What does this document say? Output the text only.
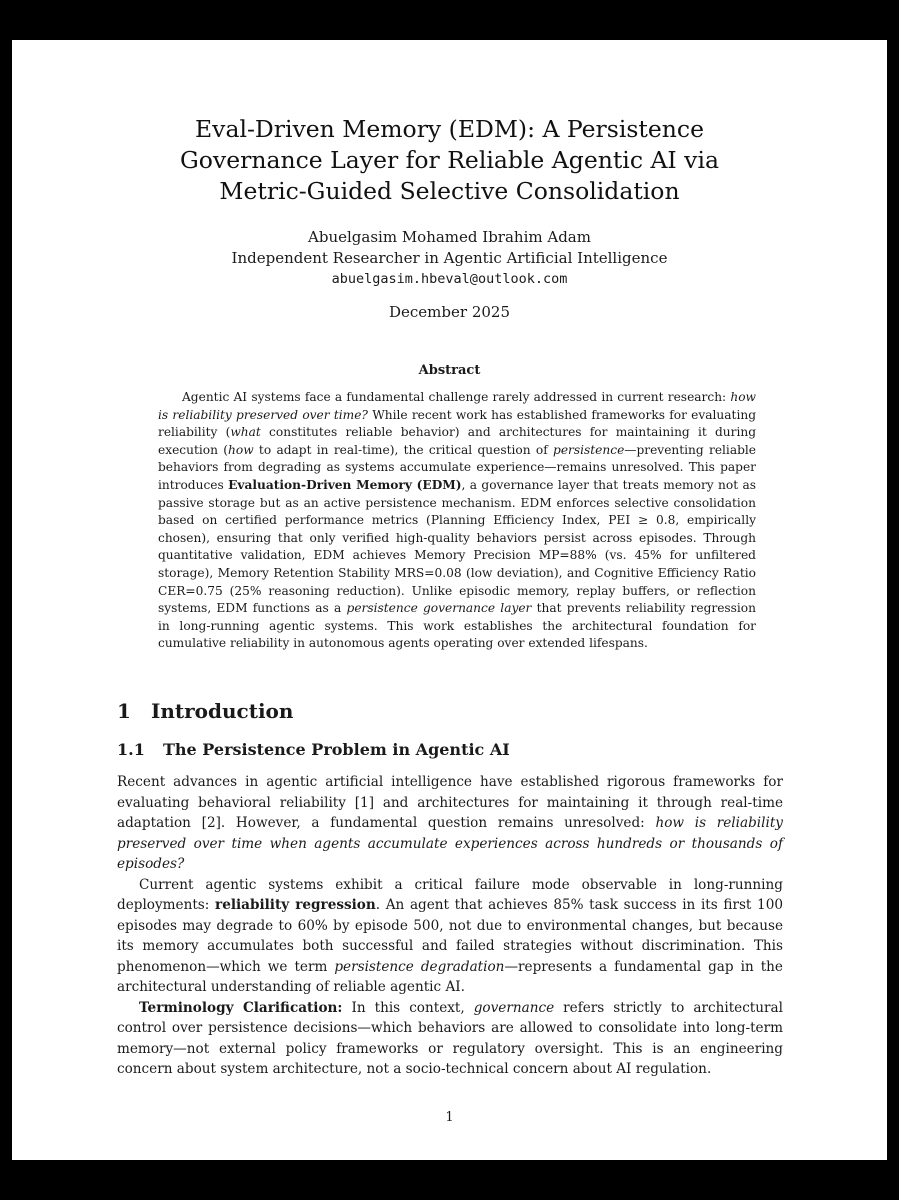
Eval-Driven Memory (EDM): A Persistence
Governance Layer for Reliable Agentic AI via
Metric-Guided Selective Consolidation
Abuelgasim Mohamed Ibrahim Adam
Independent Researcher in Agentic Artificial Intelligence
abuelgasim.hbeval@outlook.com
December 2025
Abstract

Agentic AI systems face a fundamental challenge rarely addressed in current research: how is reliability preserved over time? While recent work has established frameworks for evaluating reliability (what constitutes reliable behavior) and architectures for maintaining it during execution (how to adapt in real-time), the critical question of persistence—preventing reliable behaviors from degrading as systems accumulate experience—remains unresolved. This paper introduces Evaluation-Driven Memory (EDM), a governance layer that treats memory not as passive storage but as an active persistence mechanism. EDM enforces selective consolidation based on certified performance metrics (Planning Efficiency Index, PEI ≥ 0.8, empirically chosen), ensuring that only verified high-quality behaviors persist across episodes. Through quantitative validation, EDM achieves Memory Precision MP=88% (vs. 45% for unfiltered storage), Memory Retention Stability MRS=0.08 (low deviation), and Cognitive Efficiency Ratio CER=0.75 (25% reasoning reduction). Unlike episodic memory, replay buffers, or reflection systems, EDM functions as a persistence governance layer that prevents reliability regression in long-running agentic systems. This work establishes the architectural foundation for cumulative reliability in autonomous agents operating over extended lifespans.

1 Introduction
1.1 The Persistence Problem in Agentic AI

Recent advances in agentic artificial intelligence have established rigorous frameworks for evaluating behavioral reliability [1] and architectures for maintaining it through real-time adaptation [2]. However, a fundamental question remains unresolved: how is reliability preserved over time when agents accumulate experiences across hundreds or thousands of episodes?

Current agentic systems exhibit a critical failure mode observable in long-running deployments: reliability regression. An agent that achieves 85% task success in its first 100 episodes may degrade to 60% by episode 500, not due to environmental changes, but because its memory accumulates both successful and failed strategies without discrimination. This phenomenon—which we term persistence degradation—represents a fundamental gap in the architectural understanding of reliable agentic AI.

Terminology Clarification: In this context, governance refers strictly to architectural control over persistence decisions—which behaviors are allowed to consolidate into long-term memory—not external policy frameworks or regulatory oversight. This is an engineering concern about system architecture, not a socio-technical concern about AI regulation.

1
